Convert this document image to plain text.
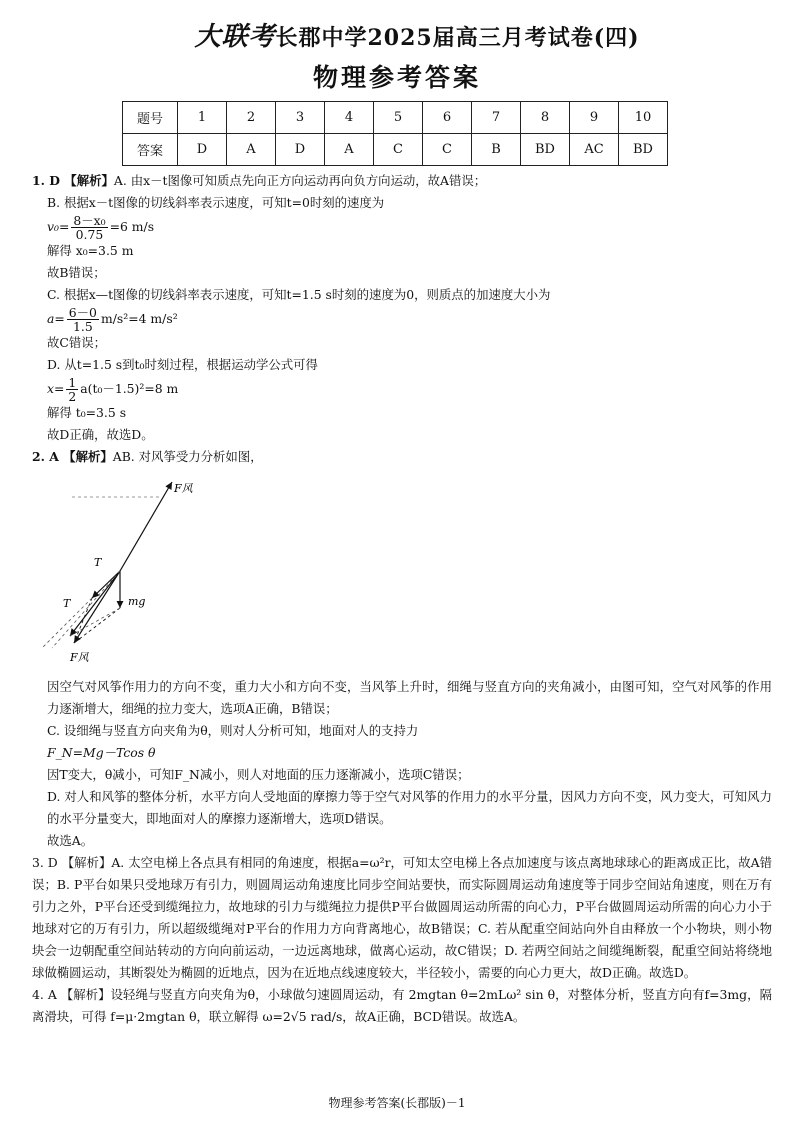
大联考长郡中学2025届高三月考试卷(四)
物理参考答案
题号	1	2	3	4	5	6	7	8	9	10
答案	D	A	D	A	C	C	B	BD	AC	BD
1. D 【解析】A. 由x－t图像可知质点先向正方向运动再向负方向运动，故A错误；
B. 根据x－t图像的切线斜率表示速度，可知t=0时刻的速度为
$v_0= \frac{\text{8－x₀}}{0.75} =6$ m/s
解得 x₀=3.5 m
故B错误；
C. 根据x—t图像的切线斜率表示速度，可知t=1.5 s时刻的速度为0，则质点的加速度大小为
$a= \frac{6-0}{1.5} m/s^2=4$ m/s²
故C错误；
D. 从t=1.5 s到t₀时刻过程，根据运动学公式可得
$x= \frac{1}{2} a(t_0-1.5)^2=8$ m
解得 t₀=3.5 s
故D正确，故选D。
2. A 【解析】AB. 对风筝受力分析如图，
F风
T
T	mg
F风
因空气对风筝作用力的方向不变，重力大小和方向不变，当风筝上升时，细绳与竖直方向的夹角减小，由图可知，空气对风筝的作用力逐渐增大，细绳的拉力变大，选项A正确，B错误；
C. 设细绳与竖直方向夹角为θ，则对人分析可知，地面对人的支持力
F_N=Mg－Tcos θ
因T变大，θ减小，可知F_N减小，则人对地面的压力逐渐减小，选项C错误；
D. 对人和风筝的整体分析，水平方向人受地面的摩擦力等于空气对风筝的作用力的水平分量，因风力方向不变，风力变大，可知风力的水平分量变大，即地面对人的摩擦力逐渐增大，选项D错误。
故选A。
3. D 【解析】A. 太空电梯上各点具有相同的角速度，根据a=ω²r，可知太空电梯上各点加速度与该点离地球球心的距离成正比，故A错误；B. P平台如果只受地球万有引力，则圆周运动角速度比同步空间站要快，而实际圆周运动角速度等于同步空间站角速度，则在万有引力之外，P平台还受到缆绳拉力，故地球的引力与缆绳拉力提供P平台做圆周运动所需的向心力，P平台做圆周运动所需的向心力小于地球对它的万有引力，所以超级缆绳对P平台的作用力方向背离地心，故B错误；C. 若从配重空间站向外自由释放一个小物块，则小物块会一边朝配重空间站转动的方向向前运动，一边远离地球，做离心运动，故C错误；D. 若两空间站之间缆绳断裂，配重空间站将绕地球做椭圆运动，其断裂处为椭圆的近地点，因为在近地点线速度较大，半径较小，需要的向心力更大，故D正确。故选D。
4. A 【解析】设轻绳与竖直方向夹角为θ，小球做匀速圆周运动，有 2mgtan θ=2mLω² sin θ，对整体分析，竖直方向有f=3mg，隔离滑块，可得 f=μ·2mgtan θ，联立解得 ω=2√5 rad/s，故A正确，BCD错误。故选A。
物理参考答案(长郡版)－1
